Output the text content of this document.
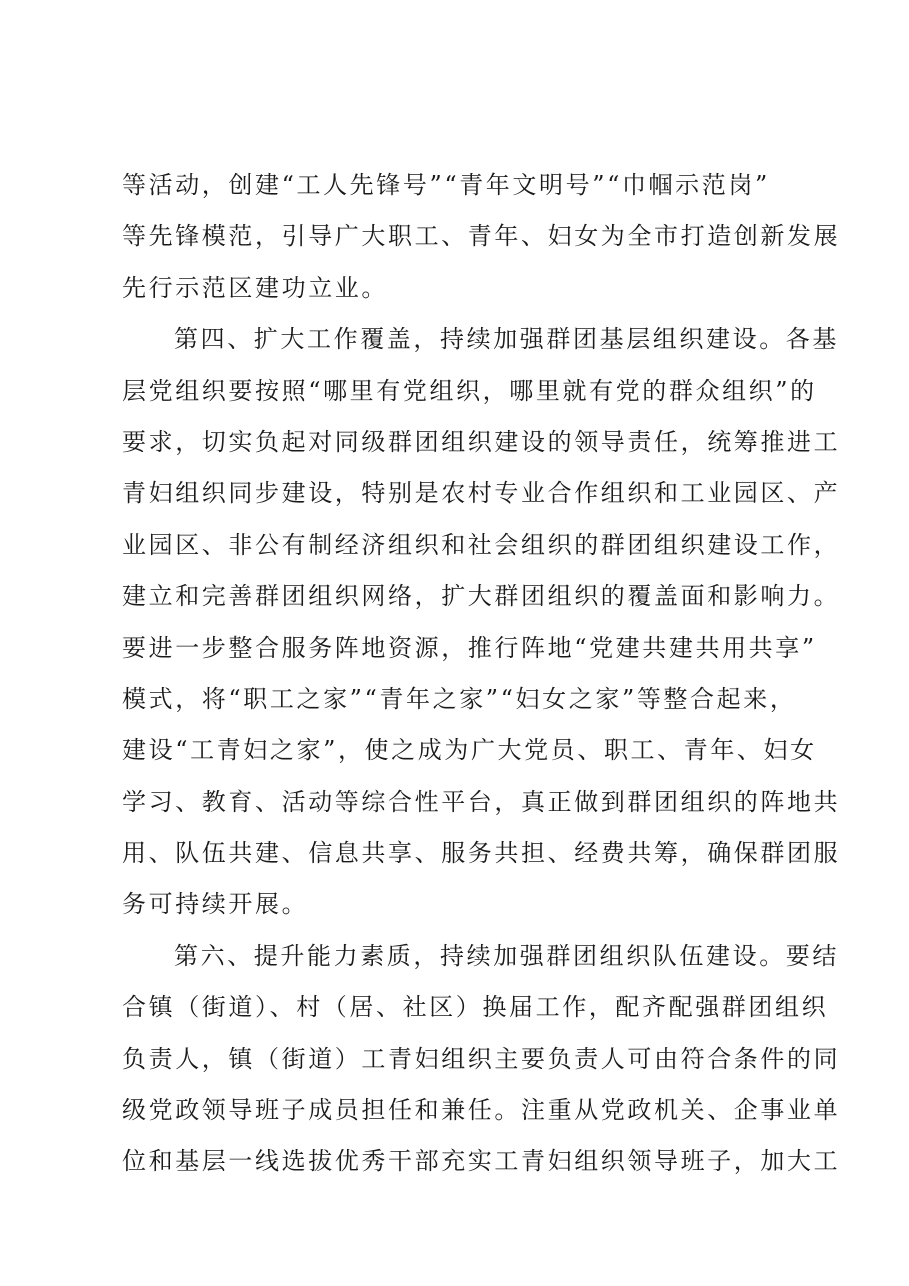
等活动，创建“工人先锋号”“青年文明号”“巾帼示范岗”
等先锋模范，引导广大职工、青年、妇女为全市打造创新发展
先行示范区建功立业。
第四、扩大工作覆盖，持续加强群团基层组织建设。各基
层党组织要按照“哪里有党组织，哪里就有党的群众组织”的
要求，切实负起对同级群团组织建设的领导责任，统筹推进工
青妇组织同步建设，特别是农村专业合作组织和工业园区、产
业园区、非公有制经济组织和社会组织的群团组织建设工作，
建立和完善群团组织网络，扩大群团组织的覆盖面和影响力。
要进一步整合服务阵地资源，推行阵地“党建共建共用共享”
模式，将“职工之家”“青年之家”“妇女之家”等整合起来，
建设“工青妇之家”，使之成为广大党员、职工、青年、妇女
学习、教育、活动等综合性平台，真正做到群团组织的阵地共
用、队伍共建、信息共享、服务共担、经费共筹，确保群团服
务可持续开展。
第六、提升能力素质，持续加强群团组织队伍建设。要结
合镇（街道）、村（居、社区）换届工作，配齐配强群团组织
负责人，镇（街道）工青妇组织主要负责人可由符合条件的同
级党政领导班子成员担任和兼任。注重从党政机关、企事业单
位和基层一线选拔优秀干部充实工青妇组织领导班子，加大工
